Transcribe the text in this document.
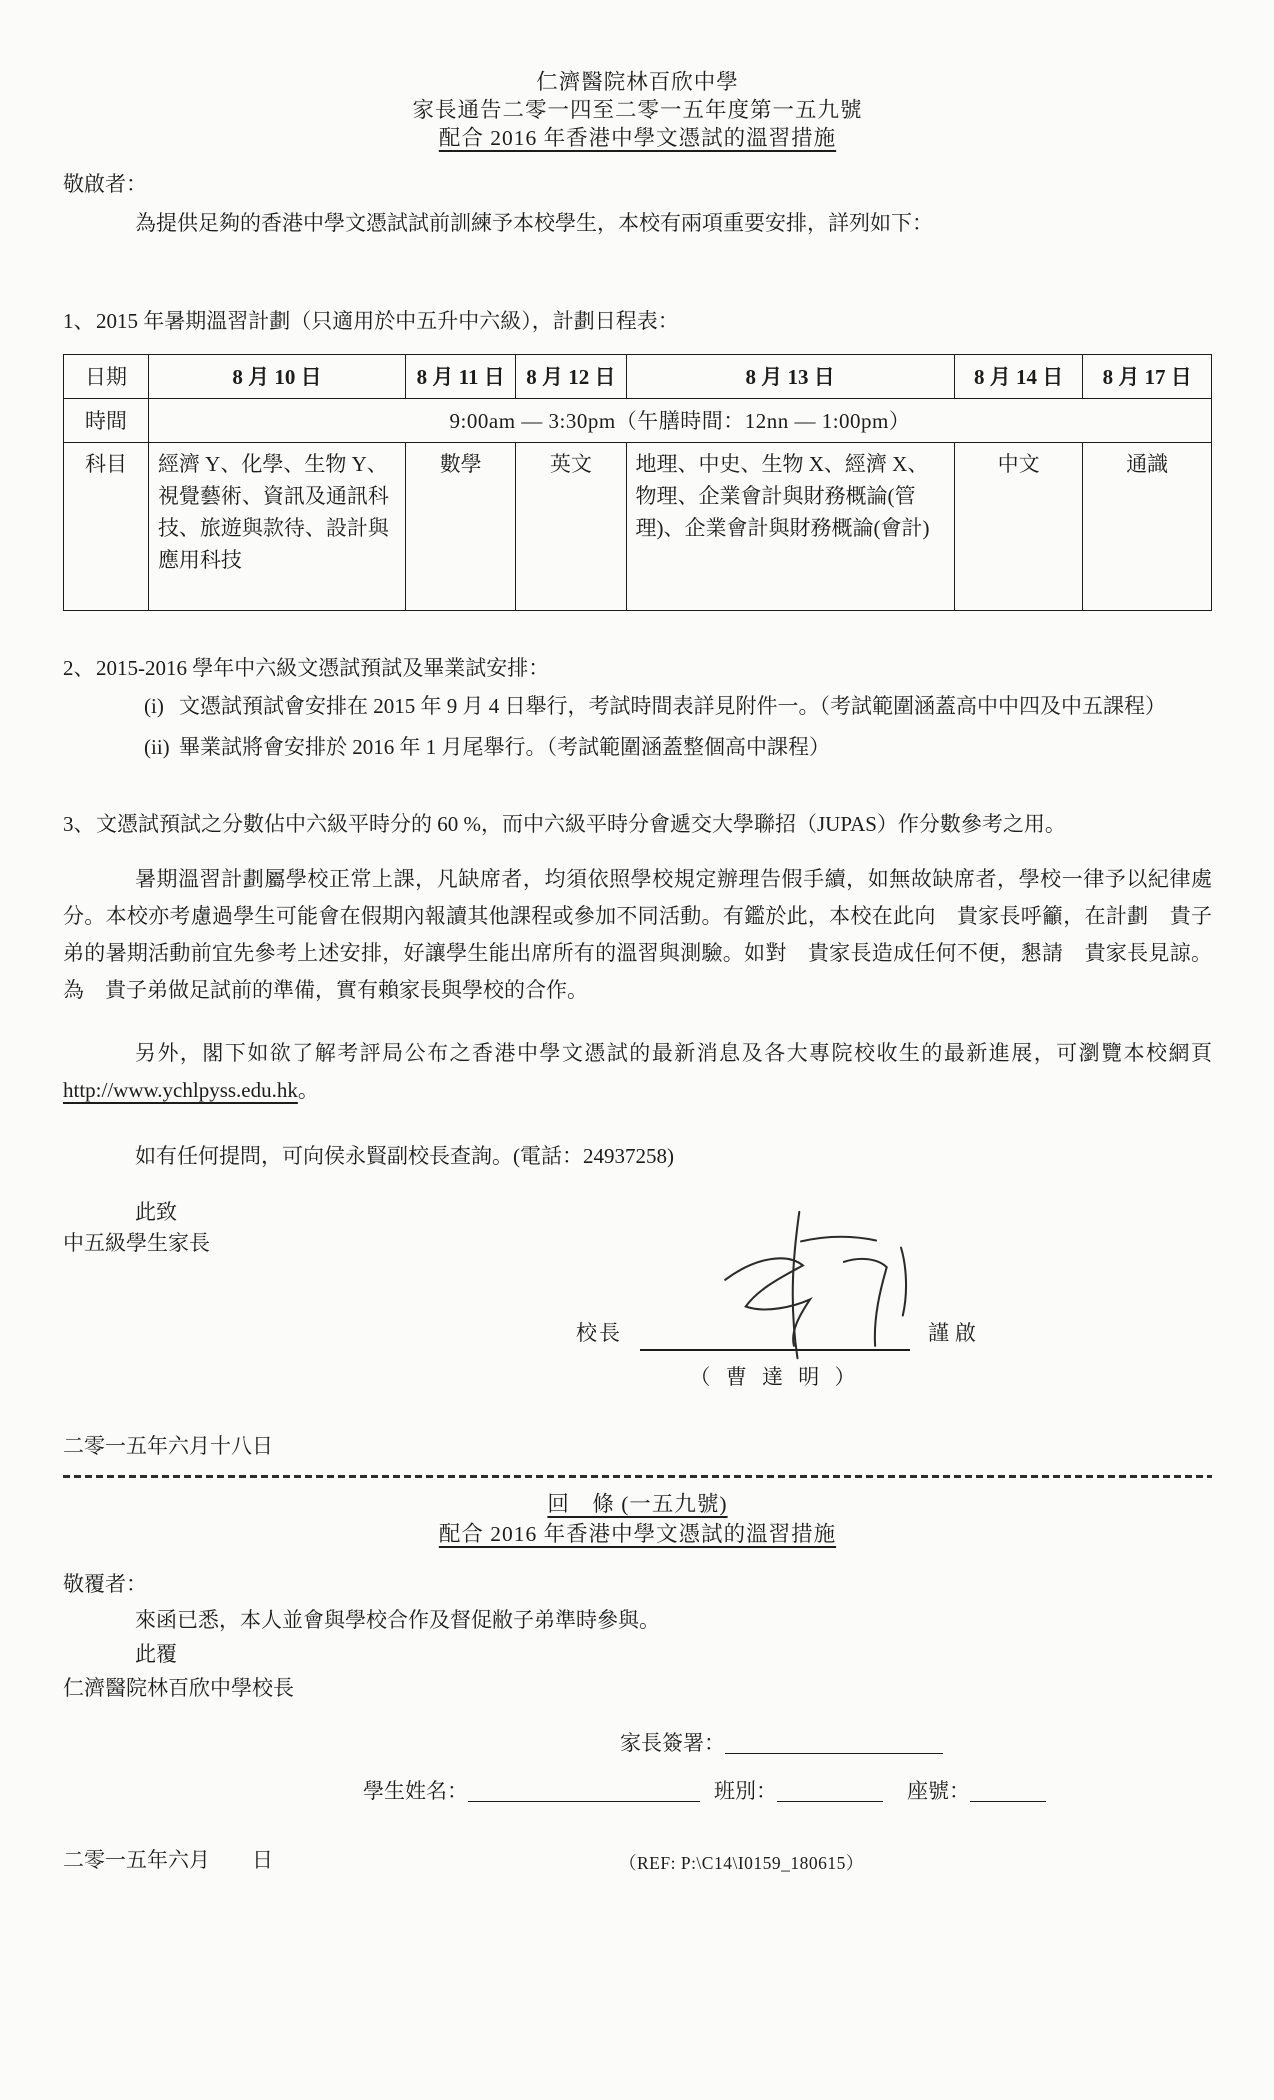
仁濟醫院林百欣中學
家長通告二零一四至二零一五年度第一五九號
配合 2016 年香港中學文憑試的溫習措施
敬啟者：
為提供足夠的香港中學文憑試試前訓練予本校學生，本校有兩項重要安排，詳列如下：
1、 2015 年暑期溫習計劃（只適用於中五升中六級），計劃日程表：
日期	8 月 10 日	8 月 11 日	8 月 12 日	8 月 13 日	8 月 14 日	8 月 17 日
時間	9:00am — 3:30pm（午膳時間：12nn — 1:00pm）					
科目	經濟 Y、化學、生物 Y、視覺藝術、資訊及通訊科技、旅遊與款待、設計與應用科技	數學	英文	地理、中史、生物 X、經濟 X、物理、企業會計與財務概論(管理)、企業會計與財務概論(會計)	中文	通識
2、 2015-2016 學年中六級文憑試預試及畢業試安排：
(i) 文憑試預試會安排在 2015 年 9 月 4 日舉行，考試時間表詳見附件一。（考試範圍涵蓋高中中四及中五課程）
(ii) 畢業試將會安排於 2016 年 1 月尾舉行。（考試範圍涵蓋整個高中課程）
3、 文憑試預試之分數佔中六級平時分的 60 %，而中六級平時分會遞交大學聯招（JUPAS）作分數參考之用。
暑期溫習計劃屬學校正常上課，凡缺席者，均須依照學校規定辦理告假手續，如無故缺席者，學校一律予以紀律處分。本校亦考慮過學生可能會在假期內報讀其他課程或參加不同活動。有鑑於此，本校在此向　貴家長呼籲，在計劃　貴子弟的暑期活動前宜先參考上述安排，好讓學生能出席所有的溫習與測驗。如對　貴家長造成任何不便，懇請　貴家長見諒。為　貴子弟做足試前的準備，實有賴家長與學校的合作。
另外，閣下如欲了解考評局公布之香港中學文憑試的最新消息及各大專院校收生的最新進展，可瀏覽本校網頁 http://www.ychlpyss.edu.hk。
如有任何提問，可向侯永賢副校長查詢。(電話：24937258)
此致
中五級學生家長
校長	謹啟
（ 曹 達 明 ）
二零一五年六月十八日
回　條 (一五九號)
配合 2016 年香港中學文憑試的溫習措施
敬覆者：
來函已悉，本人並會與學校合作及督促敝子弟準時參與。
此覆
仁濟醫院林百欣中學校長
家長簽署：
學生姓名：	班別：	座號：
二零一五年六月　　日	（REF: P:\C14\I0159_180615）
